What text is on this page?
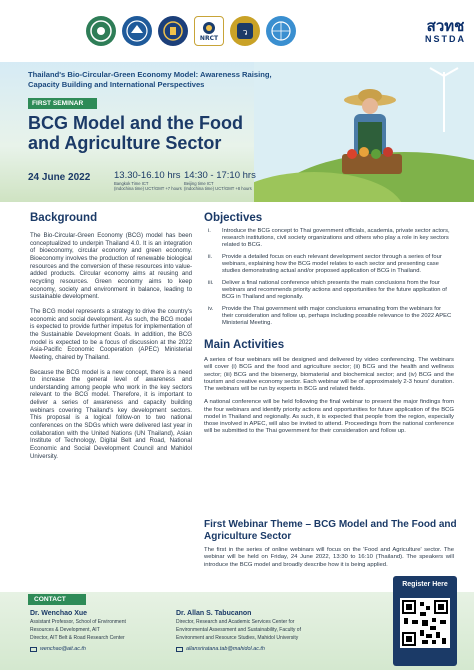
NRCT	ว	สวทช
NSTDA
Thailand's Bio-Circular-Green Economy Model: Awareness Raising, Capacity Building and International Perspectives
FIRST SEMINAR
BCG Model and the Food and Agriculture Sector
24 June 2022 13.30-16.10 hrs
Bangkok Time ICT
(Indochina time) UCT/GMT +7 hours
14:30 - 17:10 hrs
Beijing time ICT
(Indochina time) UCT/GMT +8 hours
Background

The Bio-Circular-Green Economy (BCG) model has been conceptualized to underpin Thailand 4.0. It is an integration of bioeconomy, circular economy and green economy. Bioeconomy involves the production of renewable biological resources and the conversion of these resources into value-added products. Circular economy aims at reusing and recycling resources. Green economy aims to keep economy, society and environment in balance, leading to sustainable development.

The BCG model represents a strategy to drive the country's economic and social development. As such, the BCG model is expected to provide further impetus for implementation of the Sustainable Development Goals. In addition, the BCG model is expected to be a focus of discussion at the 2022 Asia-Pacific Economic Cooperation (APEC) Ministerial Meeting, chaired by Thailand.

Because the BCG model is a new concept, there is a need to increase the general level of awareness and understanding among people who work in the key sectors relevant to the BCG model. Therefore, it is important to deliver a series of awareness and capacity building webinars covering Thailand's key development sectors. This proposal is a logical follow-on to two national conferences on the SDGs which were delivered last year in collaboration with the United Nations (UN Thailand), Asian Institute of Technology, Digital Belt and Road, National Economic and Social Development Council and Mahidol University.

Objectives
i.	Introduce the BCG concept to Thai government officials, academia, private sector actors, research institutions, civil society organizations and others who play a role in key sectors related to BCG.
ii.	Provide a detailed focus on each relevant development sector through a series of four webinars, explaining how the BCG model relates to each sector and presenting case studies demonstrating actual and/or proposed application of BCG in Thailand.
iii.	Deliver a final national conference which presents the main conclusions from the four webinars and recommends priority actions and opportunities for the future application of BCG in Thailand and regionally.
iv.	Provide the Thai government with major conclusions emanating from the webinars for their consideration and follow up, perhaps including possible relevance to the 2022 APEC Ministerial Meeting.
Main Activities

A series of four webinars will be designed and delivered by video conferencing. The webinars will cover (i) BCG and the food and agriculture sector; (ii) BCG and the health and wellness sector; (iii) BCG and the bioenergy, biomaterial and biochemical sector; and (iv) BCG and the tourism and creative economy sector. Each webinar will be of approximately 2-3 hours' duration. The webinars will be run by experts in BCG and related fields.

A national conference will be held following the final webinar to present the major findings from the four webinars and identify priority actions and opportunities for future application of the BCG model in Thailand and regionally. As such, it is expected that people from the region, especially those involved in APEC, will also be invited to attend. Proceedings from the national conference will be submitted to the Thai government for their consideration and follow up.

First Webinar Theme – BCG Model and The Food and Agriculture Sector
The first in the series of online webinars will focus on the 'Food and Agriculture' sector. The webinar will be held on Friday, 24 June 2022, 13:30 to 16:10 (Thailand). The speakers will introduce the BCG model and broadly describe how it is being applied.
CONTACT
Dr. Wenchao Xue
Assistant Professor, School of Environment
Resources & Development, AIT
Director, AIT Belt & Road Research Center
wenchao@ait.ac.th
Dr. Allan S. Tabucanon
Director, Research and Academic Services Center for
Environmental Assessment and Sustainability, Faculty of
Environment and Resource Studies, Mahidol University
allansriratana.tab@mahidol.ac.th
Register Here
